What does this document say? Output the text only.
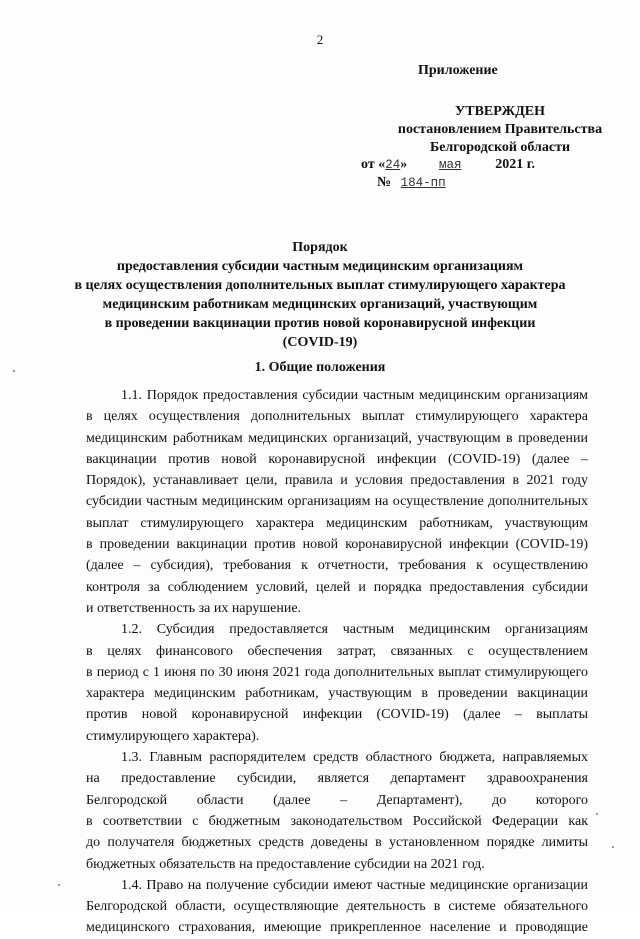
2
Приложение
УТВЕРЖДЕН
постановлением Правительства
Белгородской области
от «24»	мая 2021 г.
№ 184-пп
Порядок
предоставления субсидии частным медицинским организациям
в целях осуществления дополнительных выплат стимулирующего характера
медицинским работникам медицинских организаций, участвующим
в проведении вакцинации против новой коронавирусной инфекции
(COVID-19)
1. Общие положения
1.1. Порядок предоставления субсидии частным медицинским организациям
в целях осуществления дополнительных выплат стимулирующего характера
медицинским работникам медицинских организаций, участвующим в проведении
вакцинации против новой коронавирусной инфекции (COVID-19) (далее –
Порядок), устанавливает цели, правила и условия предоставления в 2021 году
субсидии частным медицинским организациям на осуществление дополнительных
выплат стимулирующего характера медицинским работникам, участвующим
в проведении вакцинации против новой коронавирусной инфекции (COVID-19)
(далее – субсидия), требования к отчетности, требования к осуществлению
контроля за соблюдением условий, целей и порядка предоставления субсидии
и ответственность за их нарушение.
1.2. Субсидия предоставляется частным медицинским организациям
в целях финансового обеспечения затрат, связанных с осуществлением
в период с 1 июня по 30 июня 2021 года дополнительных выплат стимулирующего
характера медицинским работникам, участвующим в проведении вакцинации
против новой коронавирусной инфекции (COVID-19) (далее – выплаты
стимулирующего характера).
1.3. Главным распорядителем средств областного бюджета, направляемых
на предоставление субсидии, является департамент здравоохранения
Белгородской области (далее – Департамент), до которого
в соответствии с бюджетным законодательством Российской Федерации как
до получателя бюджетных средств доведены в установленном порядке лимиты
бюджетных обязательств на предоставление субсидии на 2021 год.
1.4. Право на получение субсидии имеют частные медицинские организации
Белгородской области, осуществляющие деятельность в системе обязательного
медицинского страхования, имеющие прикрепленное население и проводящие
